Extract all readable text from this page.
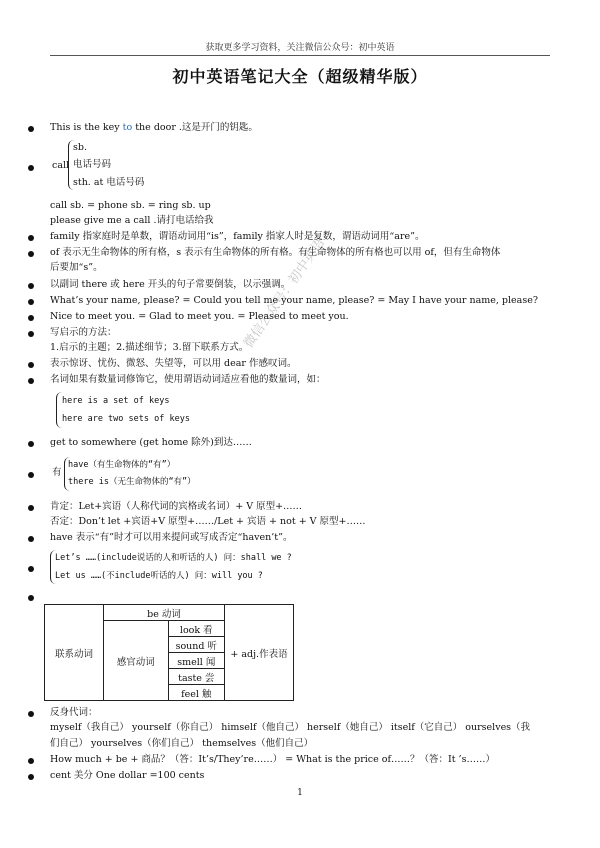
获取更多学习资料，关注微信公众号：初中英语
初中英语笔记大全（超级精华版）
微信公众号：初中英语
This is the key to the door .这是开门的钥匙。
call
sb.
电话号码
sth. at 电话号码
call sb. = phone sb. = ring sb. up
please give me a call .请打电话给我
family 指家庭时是单数，谓语动词用“is”，family 指家人时是复数，谓语动词用“are”。
of 表示无生命物体的所有格，s 表示有生命物体的所有格。有生命物体的所有格也可以用 of，但有生命物体
后要加“s”。
以副词 there 或 here 开头的句子常要倒装，以示强调。
What’s your name, please? = Could you tell me your name, please? = May I have your name, please?
Nice to meet you. = Glad to meet you. = Pleased to meet you.
写启示的方法：
1.启示的主题；2.描述细节；3.留下联系方式。
表示惊讶、忧伤、微怒、失望等，可以用 dear 作感叹词。
名词如果有数量词修饰它，使用谓语动词适应看他的数量词，如：
here is a set of keys
here are two sets of keys
get to somewhere (get home 除外)到达……
有
have（有生命物体的“有”）
there is（无生命物体的“有”）
肯定：Let+宾语（人称代词的宾格或名词）+ V 原型+……
否定：Don’t let +宾语+V 原型+……/Let + 宾语 + not + V 原型+……
have 表示“有”时才可以用来提问或写成否定“haven’t”。
Let’s ……(include说话的人和听话的人) 问：shall we ?
Let us ……(不include听话的人) 问：will you ?
联系动词	be 动词		+ adj.作表语
	感官动词	look 看	
		sound 听	
		smell 闻	
		taste 尝	
		feel 触	
反身代词：
myself（我自己） yourself（你自己） himself（他自己） herself（她自己） itself（它自己） ourselves（我
们自己） yourselves（你们自己） themselves（他们自己）
How much + be + 商品？（答：It’s/They’re……） = What is the price of……？（答：It ’s……）
cent 美分 One dollar =100 cents
1
